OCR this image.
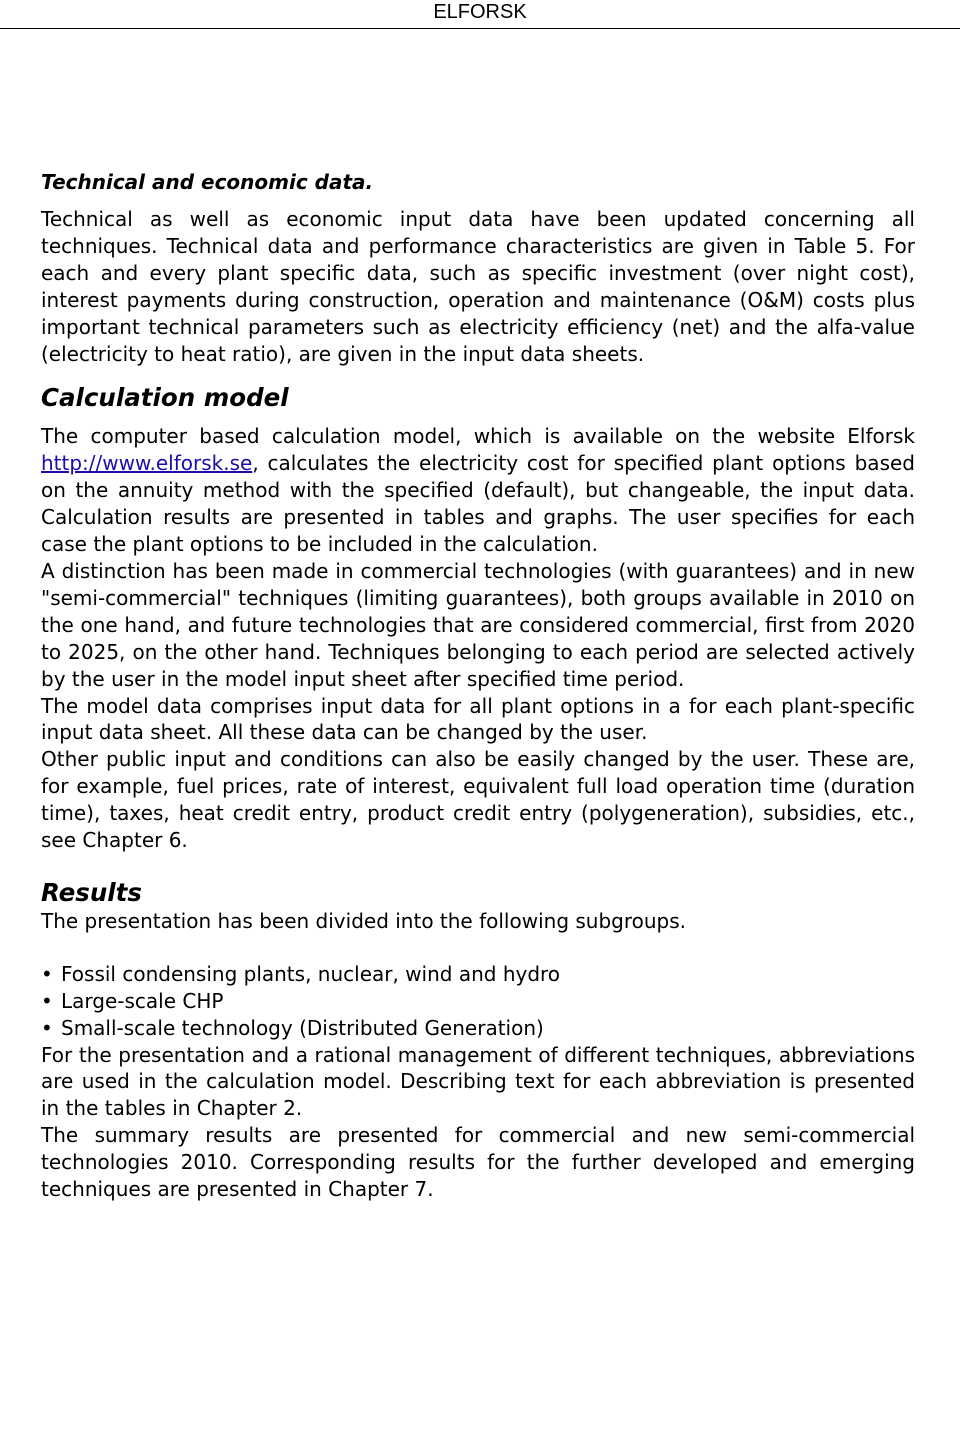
ELFORSK
Technical and economic data.

Technical as well as economic input data have been updated concerning all techniques. Technical data and performance characteristics are given in Table 5. For each and every plant specific data, such as specific investment (over night cost), interest payments during construction, operation and maintenance (O&M) costs plus important technical parameters such as electricity efficiency (net) and the alfa-value (electricity to heat ratio), are given in the input data sheets.

Calculation model

The computer based calculation model, which is available on the website Elforsk http://www.elforsk.se, calculates the electricity cost for specified plant options based on the annuity method with the specified (default), but changeable, the input data. Calculation results are presented in tables and graphs. The user specifies for each case the plant options to be included in the calculation.

A distinction has been made in commercial technologies (with guarantees) and in new "semi-commercial" techniques (limiting guarantees), both groups available in 2010 on the one hand, and future technologies that are considered commercial, first from 2020 to 2025, on the other hand. Techniques belonging to each period are selected actively by the user in the model input sheet after specified time period.

The model data comprises input data for all plant options in a for each plant-specific input data sheet. All these data can be changed by the user.

Other public input and conditions can also be easily changed by the user. These are, for example, fuel prices, rate of interest, equivalent full load operation time (duration time), taxes, heat credit entry, product credit entry (polygeneration), subsidies, etc., see Chapter 6.

Results

The presentation has been divided into the following subgroups.

• Fossil condensing plants, nuclear, wind and hydro
• Large-scale CHP
• Small-scale technology (Distributed Generation)

For the presentation and a rational management of different techniques, abbreviations are used in the calculation model. Describing text for each abbreviation is presented in the tables in Chapter 2.

The summary results are presented for commercial and new semi-commercial technologies 2010. Corresponding results for the further developed and emerging techniques are presented in Chapter 7.
